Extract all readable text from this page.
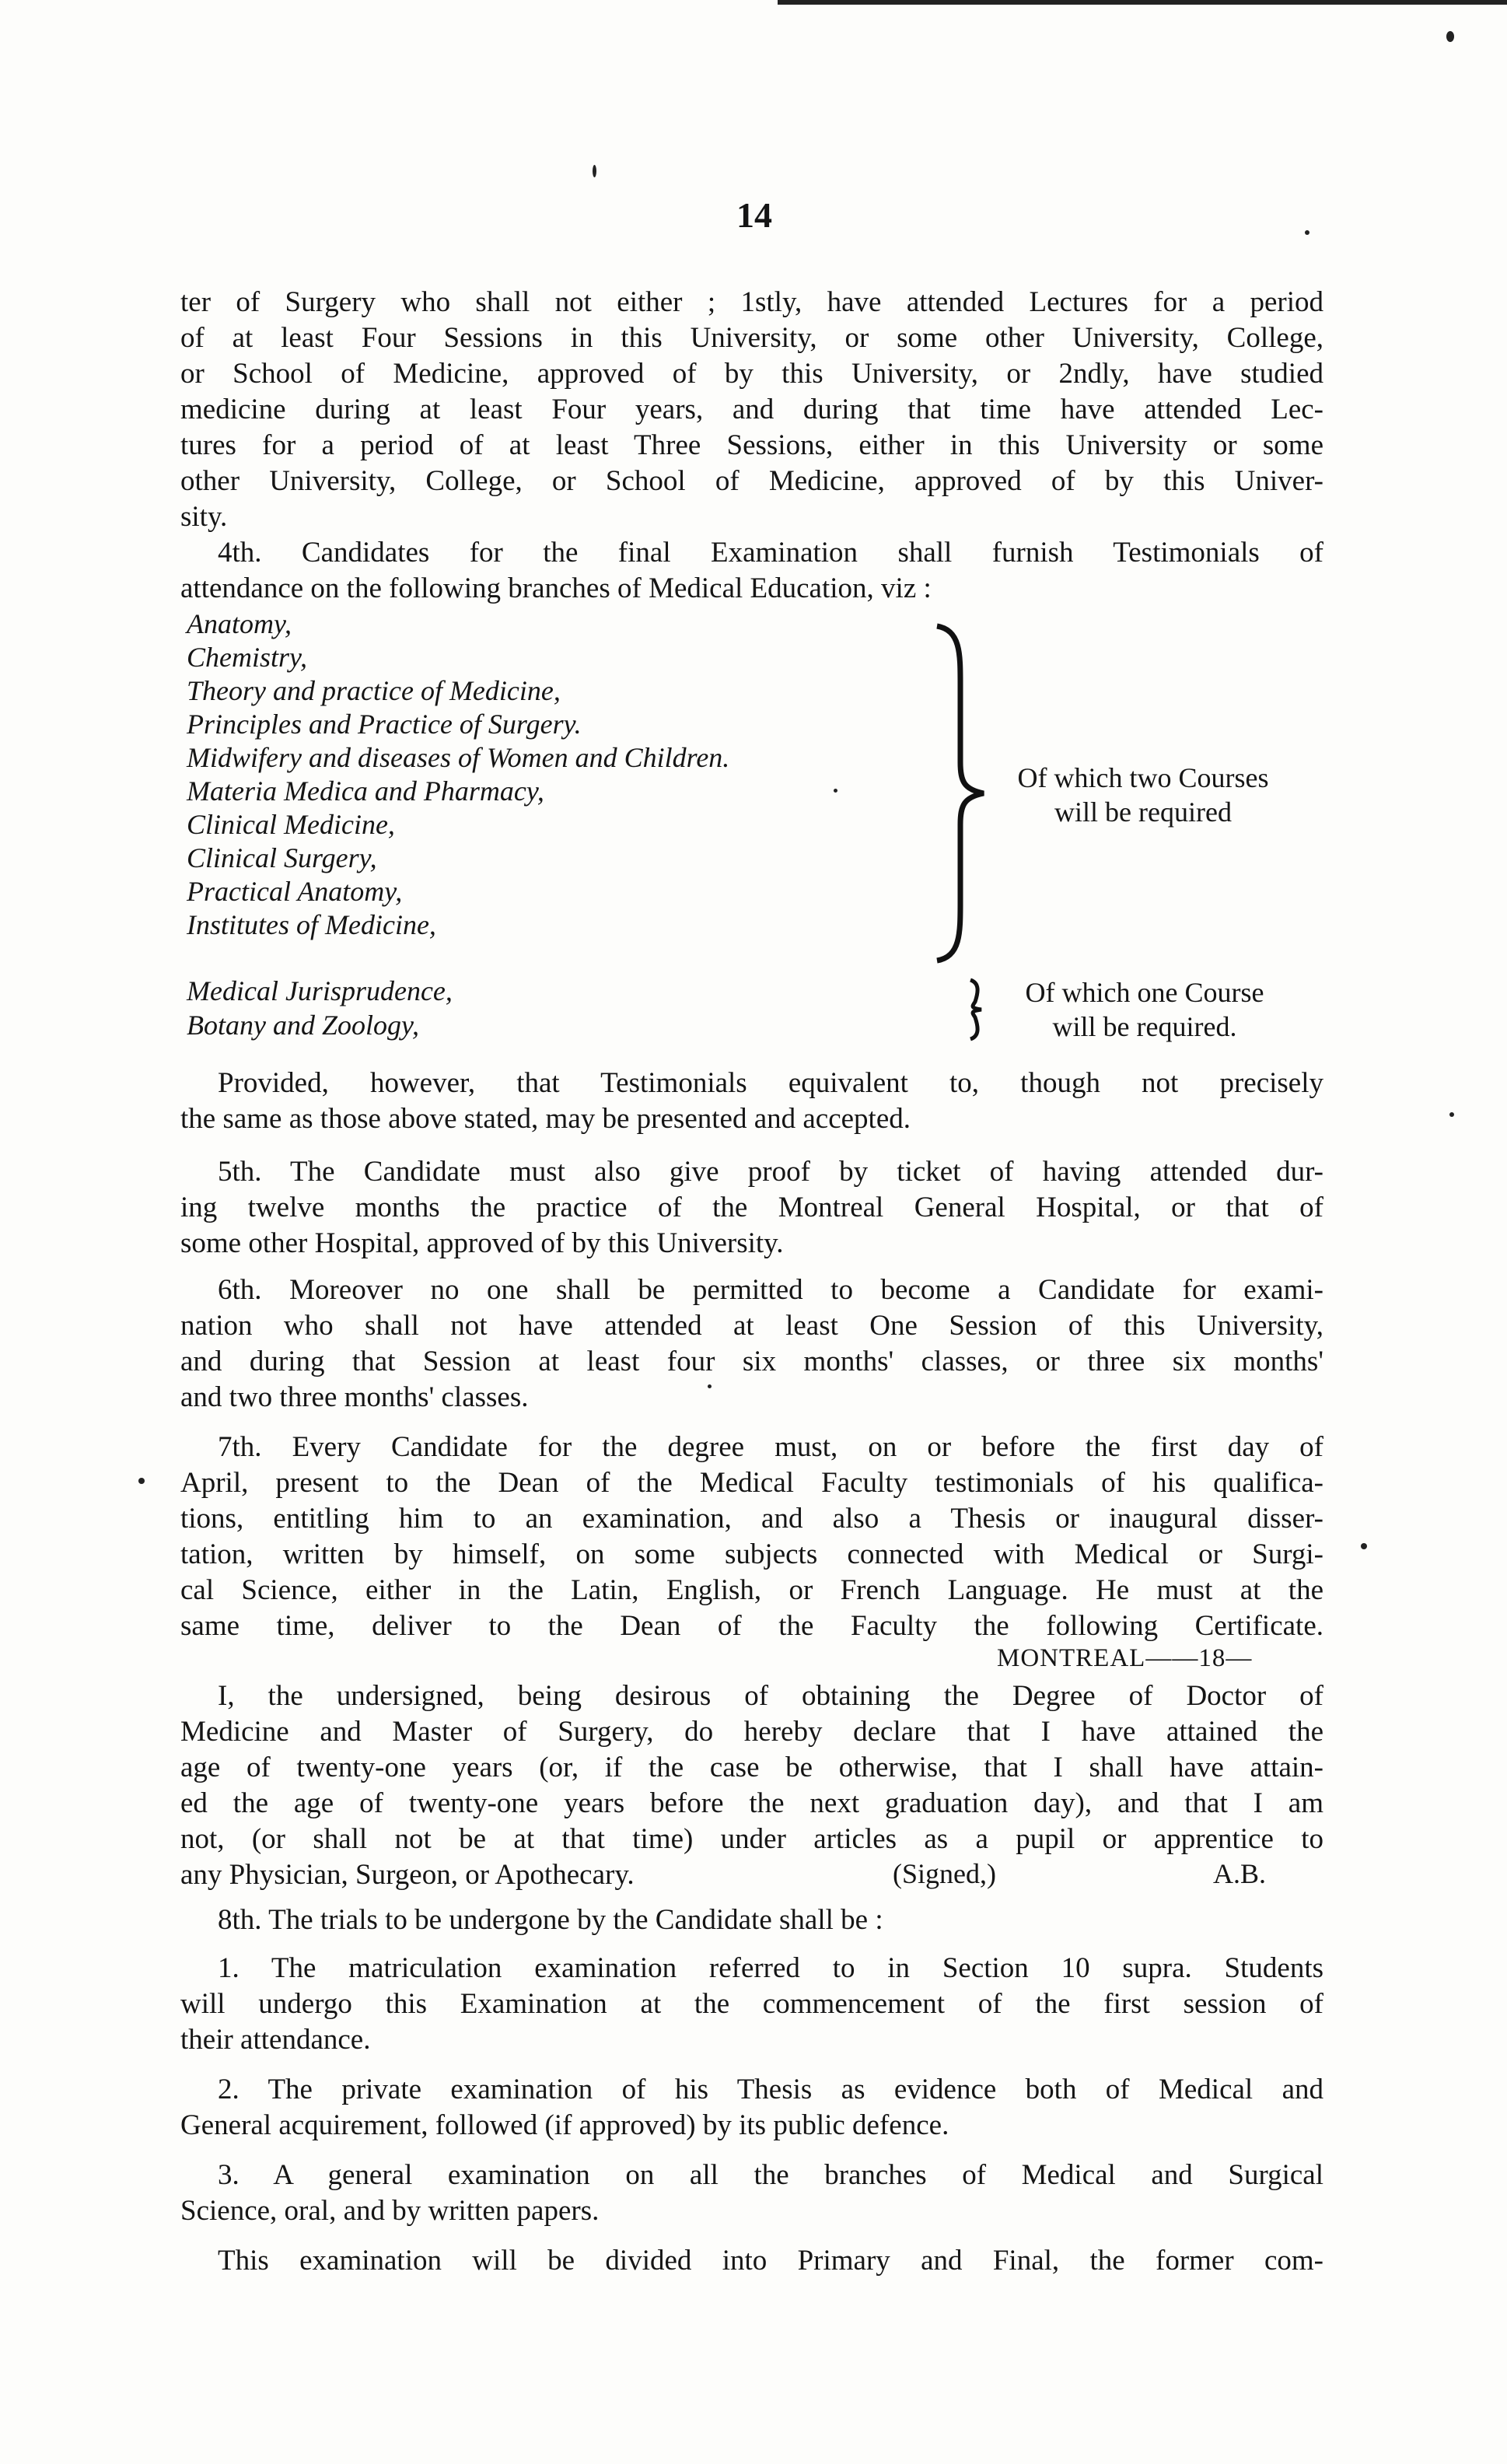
14
ter of Surgery who shall not either ; 1stly, have attended Lectures for a period
of at least Four Sessions in this University, or some other University, College,
or School of Medicine, approved of by this University, or 2ndly, have studied
medicine during at least Four years, and during that time have attended Lec-
tures for a period of at least Three Sessions, either in this University or some
other University, College, or School of Medicine, approved of by this Univer-
sity.
4th. Candidates for the final Examination shall furnish Testimonials of
attendance on the following branches of Medical Education, viz :
Anatomy,
Chemistry,
Theory and practice of Medicine,
Principles and Practice of Surgery.
Midwifery and diseases of Women and Children.
Materia Medica and Pharmacy,
Clinical Medicine,
Clinical Surgery,
Practical Anatomy,
Institutes of Medicine,
Of which two Courses
will be required
Medical Jurisprudence,
Botany and Zoology,
Of which one Course
will be required.
Provided, however, that Testimonials equivalent to, though not precisely
the same as those above stated, may be presented and accepted.
5th. The Candidate must also give proof by ticket of having attended dur-
ing twelve months the practice of the Montreal General Hospital, or that of
some other Hospital, approved of by this University.
6th. Moreover no one shall be permitted to become a Candidate for exami-
nation who shall not have attended at least One Session of this University,
and during that Session at least four six months' classes, or three six months'
and two three months' classes.
7th. Every Candidate for the degree must, on or before the first day of
April, present to the Dean of the Medical Faculty testimonials of his qualifica-
tions, entitling him to an examination, and also a Thesis or inaugural disser-
tation, written by himself, on some subjects connected with Medical or Surgi-
cal Science, either in the Latin, English, or French Language. He must at the
same time, deliver to the Dean of the Faculty the following Certificate.
MONTREAL——18—
I, the undersigned, being desirous of obtaining the Degree of Doctor of
Medicine and Master of Surgery, do hereby declare that I have attained the
age of twenty-one years (or, if the case be otherwise, that I shall have attain-
ed the age of twenty-one years before the next graduation day), and that I am
not, (or shall not be at that time) under articles as a pupil or apprentice to
any Physician, Surgeon, or Apothecary.	(Signed,)	A.B.
8th. The trials to be undergone by the Candidate shall be :
1. The matriculation examination referred to in Section 10 supra. Students
will undergo this Examination at the commencement of the first session of
their attendance.
2. The private examination of his Thesis as evidence both of Medical and
General acquirement, followed (if approved) by its public defence.
3. A general examination on all the branches of Medical and Surgical
Science, oral, and by written papers.
This examination will be divided into Primary and Final, the former com-
